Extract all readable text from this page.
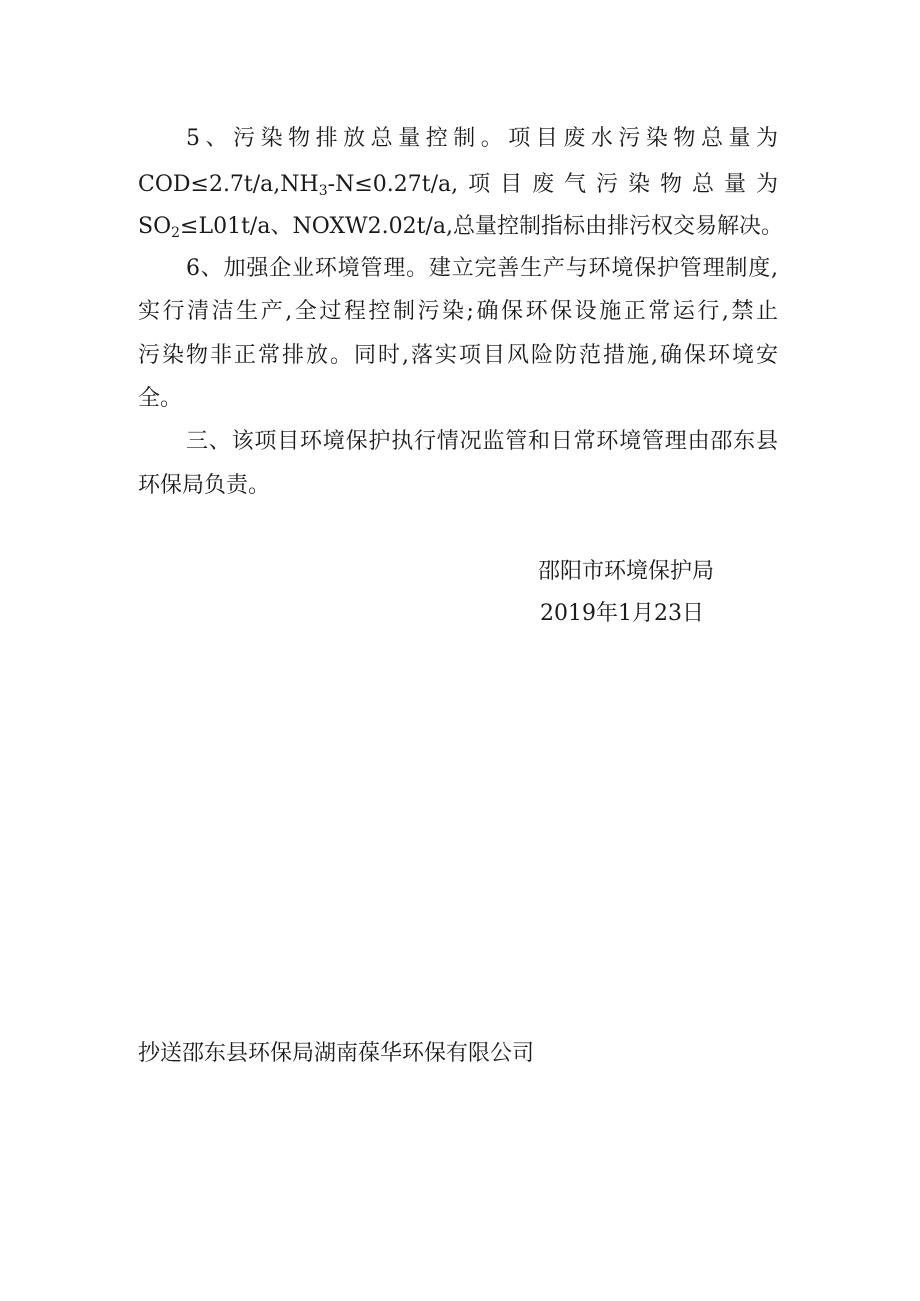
5、污染物排放总量控制。项目废水污染物总量为
$COD\le 2.7t/a,NH_3-N\le 0.27t/a$,项目废气污染物总量为
$SO_2\le L01t/a$、NOXW2.02t/a,总量控制指标由排污权交易解决。
6、加强企业环境管理。建立完善生产与环境保护管理制度,
实行清洁生产,全过程控制污染;确保环保设施正常运行,禁止
污染物非正常排放。同时,落实项目风险防范措施,确保环境安
全。
三、该项目环境保护执行情况监管和日常环境管理由邵东县
环保局负责。
邵阳市环境保护局
2019年1月23日
抄送邵东县环保局湖南葆华环保有限公司
